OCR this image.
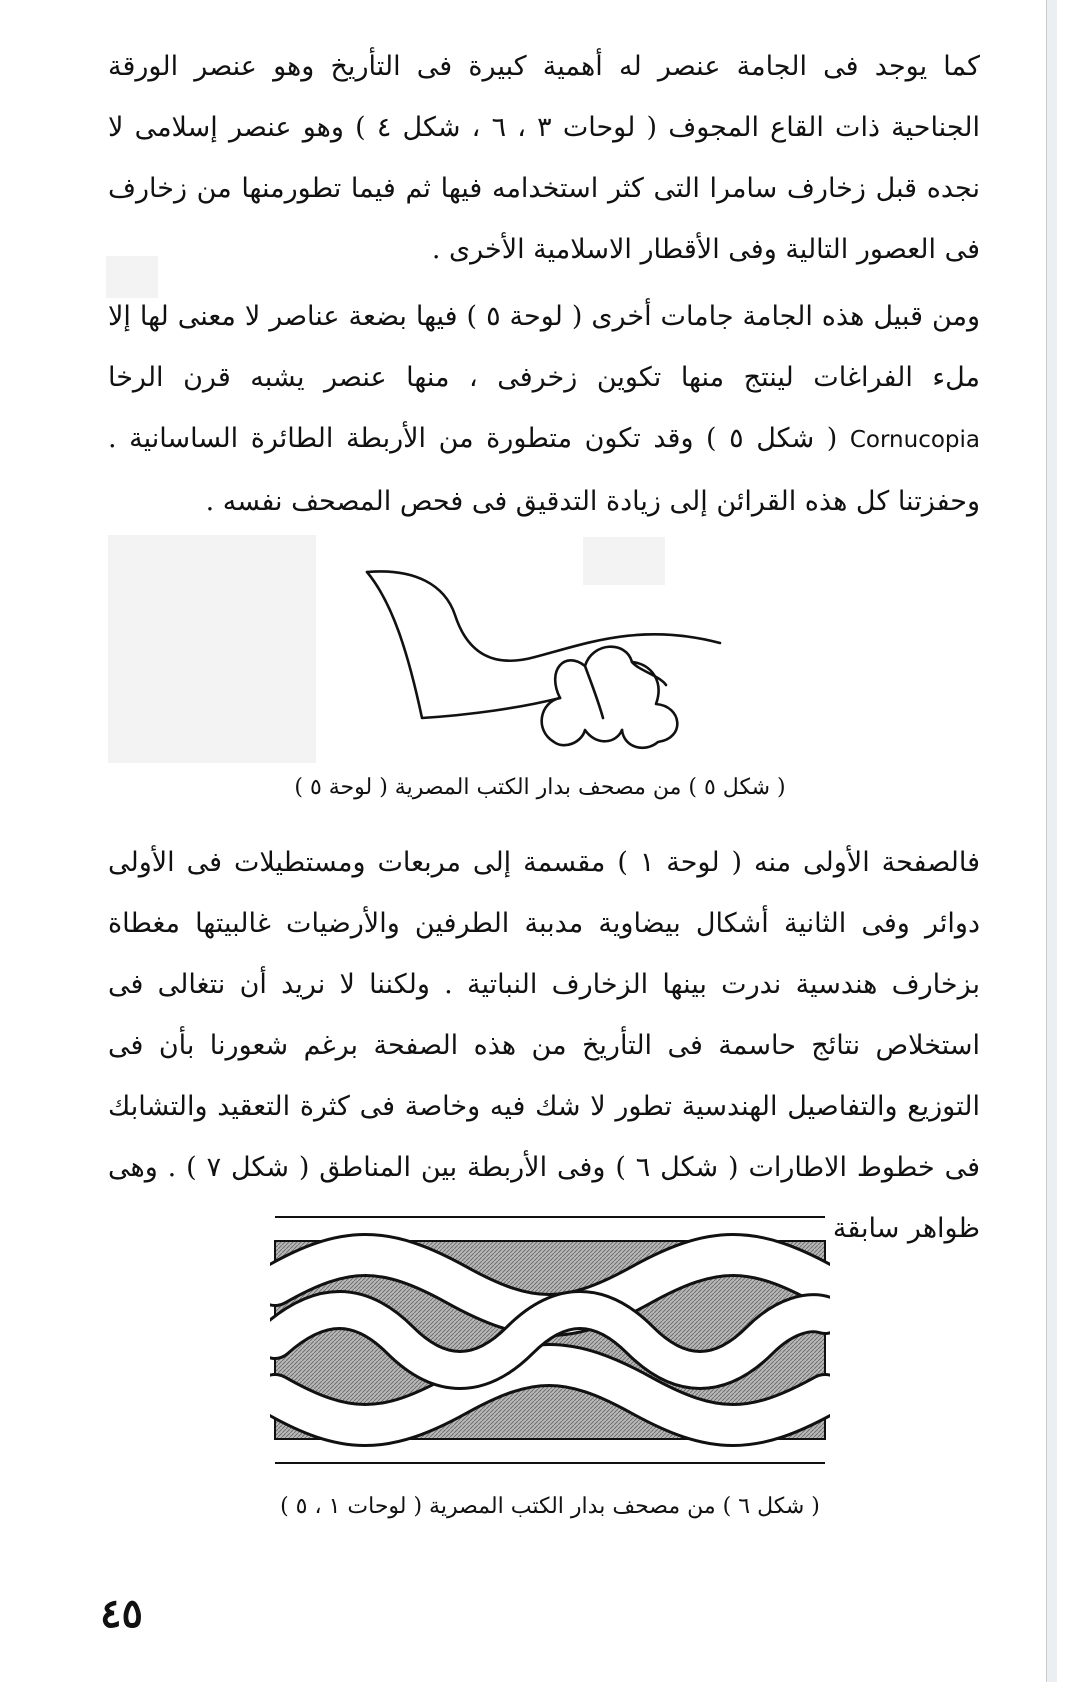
كما يوجد فى الجامة عنصر له أهمية كبيرة فى التأريخ وهو عنصر الورقة الجناحية ذات القاع المجوف ( لوحات ٣ ، ٦ ، شكل ٤ ) وهو عنصر إسلامى لا نجده قبل زخارف سامرا التى كثر استخدامه فيها ثم فيما تطورمنها من زخارف فى العصور التالية وفى الأقطار الاسلامية الأخرى .

ومن قبيل هذه الجامة جامات أخرى ( لوحة ٥ ) فيها بضعة عناصر لا معنى لها إلا ملء الفراغات لينتج منها تكوين زخرفى ، منها عنصر يشبه قرن الرخا Cornucopia ( شكل ٥ ) وقد تكون متطورة من الأربطة الطائرة الساسانية . وحفزتنا كل هذه القرائن إلى زيادة التدقيق فى فحص المصحف نفسه .

( شكل ٥ ) من مصحف بدار الكتب المصرية ( لوحة ٥ )

فالصفحة الأولى منه ( لوحة ١ ) مقسمة إلى مربعات ومستطيلات فى الأولى دوائر وفى الثانية أشكال بيضاوية مدببة الطرفين والأرضيات غالبيتها مغطاة بزخارف هندسية ندرت بينها الزخارف النباتية . ولكننا لا نريد أن نتغالى فى استخلاص نتائج حاسمة فى التأريخ من هذه الصفحة برغم شعورنا بأن فى التوزيع والتفاصيل الهندسية تطور لا شك فيه وخاصة فى كثرة التعقيد والتشابك فى خطوط الاطارات ( شكل ٦ ) وفى الأربطة بين المناطق ( شكل ٧ ) . وهى ظواهر سابقة

( شكل ٦ ) من مصحف بدار الكتب المصرية ( لوحات ١ ، ٥ )
٤٥
